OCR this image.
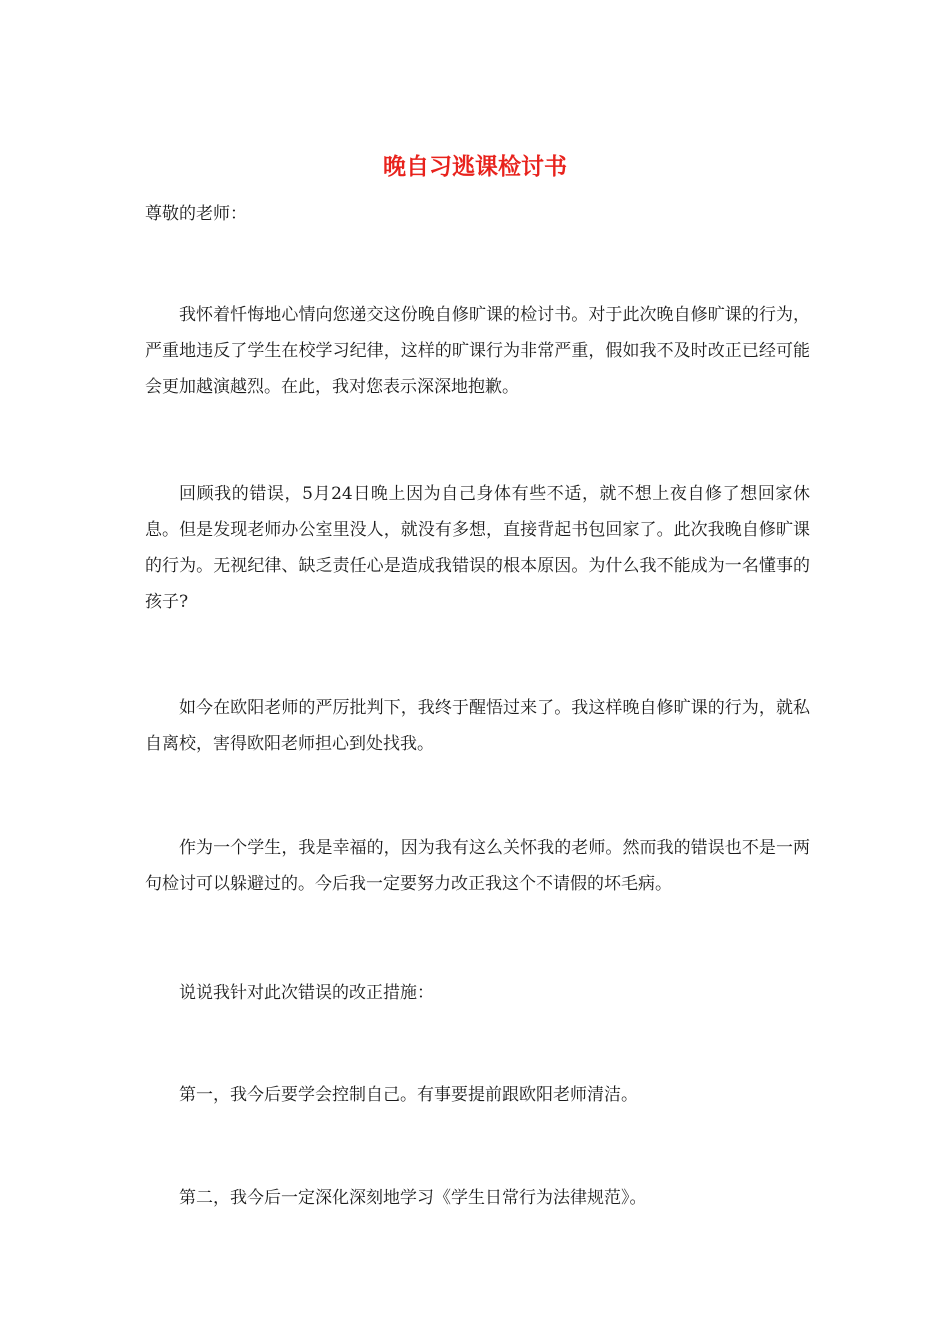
晚自习逃课检讨书

尊敬的老师：

我怀着忏悔地心情向您递交这份晚自修旷课的检讨书。对于此次晚自修旷课的行为，严重地违反了学生在校学习纪律，这样的旷课行为非常严重，假如我不及时改正已经可能会更加越演越烈。在此，我对您表示深深地抱歉。

回顾我的错误，5月24日晚上因为自己身体有些不适，就不想上夜自修了想回家休息。但是发现老师办公室里没人，就没有多想，直接背起书包回家了。此次我晚自修旷课的行为。无视纪律、缺乏责任心是造成我错误的根本原因。为什么我不能成为一名懂事的孩子?

如今在欧阳老师的严厉批判下，我终于醒悟过来了。我这样晚自修旷课的行为，就私自离校，害得欧阳老师担心到处找我。

作为一个学生，我是幸福的，因为我有这么关怀我的老师。然而我的错误也不是一两句检讨可以躲避过的。今后我一定要努力改正我这个不请假的坏毛病。

说说我针对此次错误的改正措施：

第一，我今后要学会控制自己。有事要提前跟欧阳老师清洁。

第二，我今后一定深化深刻地学习《学生日常行为法律规范》。
